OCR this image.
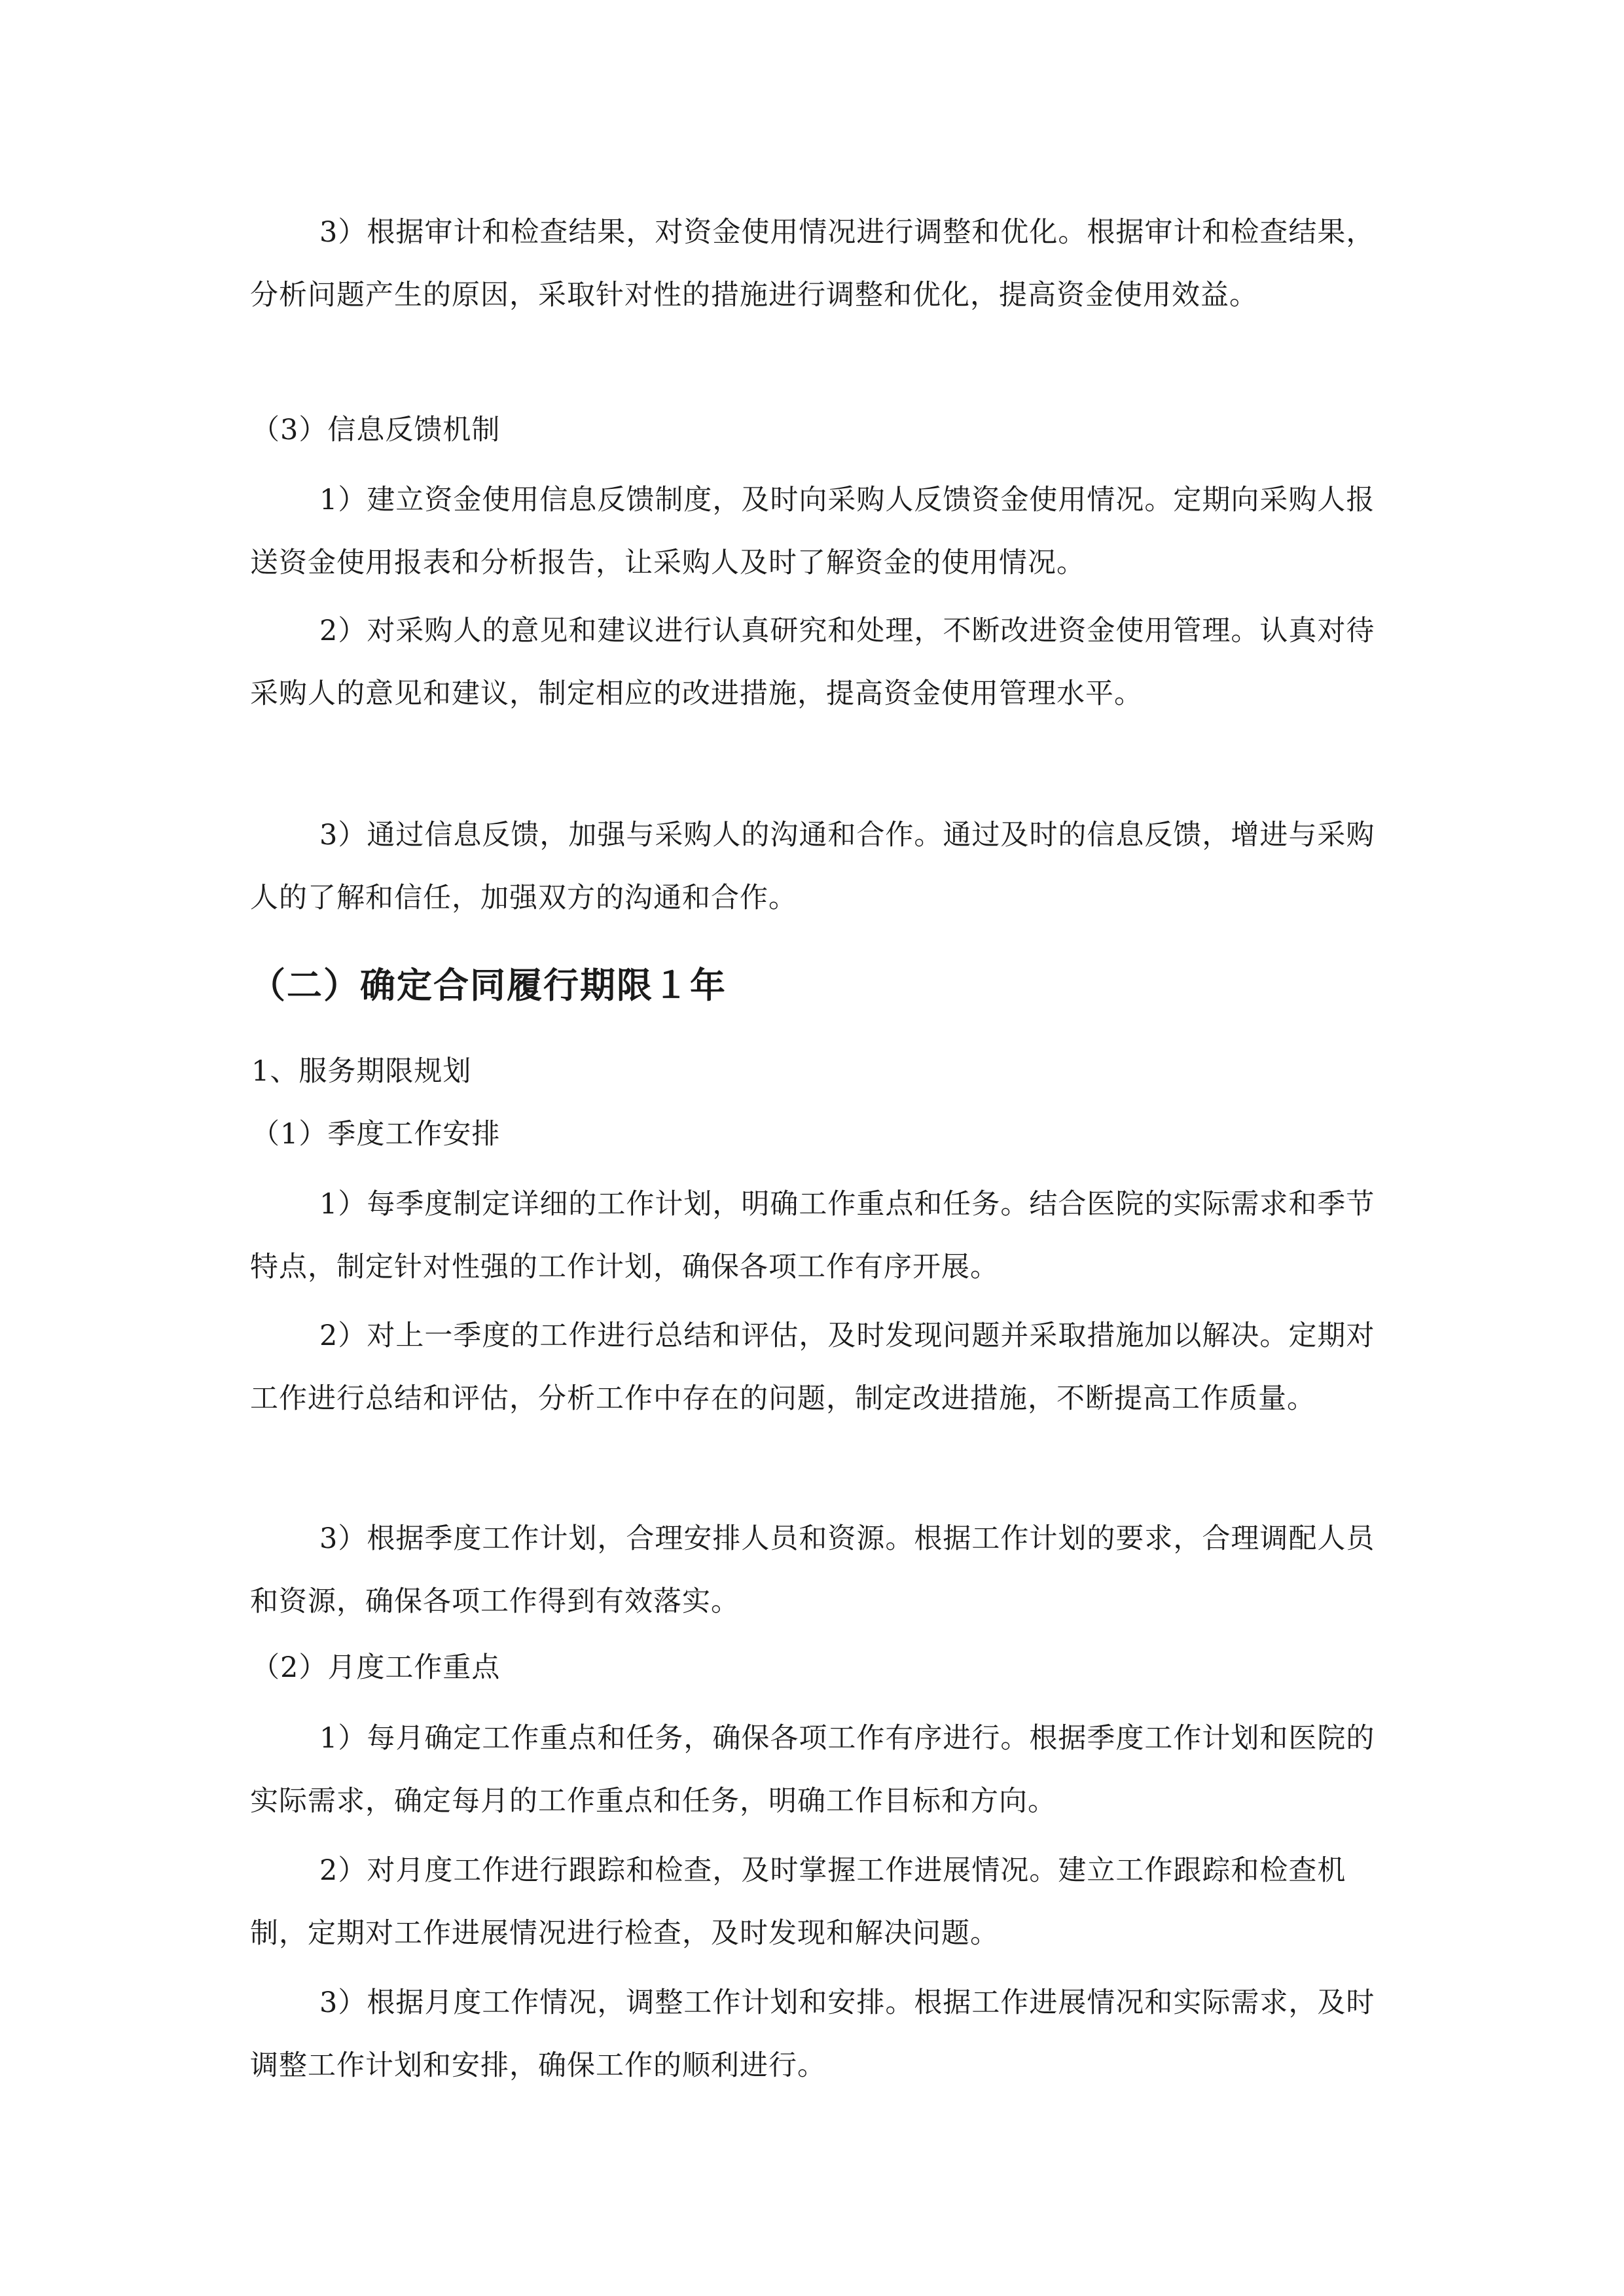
3）根据审计和检查结果，对资金使用情况进行调整和优化。根据审计和检查结果，分析问题产生的原因，采取针对性的措施进行调整和优化，提高资金使用效益。

（3）信息反馈机制

1）建立资金使用信息反馈制度，及时向采购人反馈资金使用情况。定期向采购人报送资金使用报表和分析报告，让采购人及时了解资金的使用情况。

2）对采购人的意见和建议进行认真研究和处理，不断改进资金使用管理。认真对待采购人的意见和建议，制定相应的改进措施，提高资金使用管理水平。

3）通过信息反馈，加强与采购人的沟通和合作。通过及时的信息反馈，增进与采购人的了解和信任，加强双方的沟通和合作。

（二）确定合同履行期限１年

1、服务期限规划

（1）季度工作安排

1）每季度制定详细的工作计划，明确工作重点和任务。结合医院的实际需求和季节特点，制定针对性强的工作计划，确保各项工作有序开展。

2）对上一季度的工作进行总结和评估，及时发现问题并采取措施加以解决。定期对工作进行总结和评估，分析工作中存在的问题，制定改进措施，不断提高工作质量。

3）根据季度工作计划，合理安排人员和资源。根据工作计划的要求，合理调配人员和资源，确保各项工作得到有效落实。

（2）月度工作重点

1）每月确定工作重点和任务，确保各项工作有序进行。根据季度工作计划和医院的实际需求，确定每月的工作重点和任务，明确工作目标和方向。

2）对月度工作进行跟踪和检查，及时掌握工作进展情况。建立工作跟踪和检查机制，定期对工作进展情况进行检查，及时发现和解决问题。

3）根据月度工作情况，调整工作计划和安排。根据工作进展情况和实际需求，及时调整工作计划和安排，确保工作的顺利进行。
